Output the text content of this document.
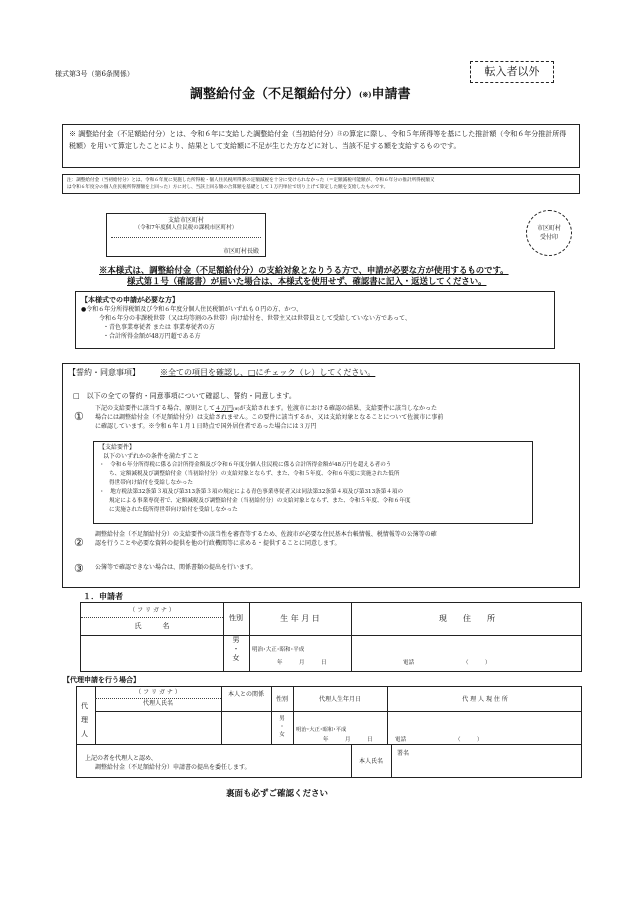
様式第3号（第6条関係）
調整給付金（不足額給付分）(※)申請書
転入者以外
※ 調整給付金（不足額給付分）とは、令和６年に支給した調整給付金（当初給付分）$^注$の算定に際し、令和５年所得等を基にした推計額（令和６年分推計所得税額）を用いて算定したことにより、結果として支給額に不足が生じた方などに対し、当該不足する額を支給するものです。
注：調整給付金（当初給付分）とは、令和６年度に実施した所得税・個人住民税所得割の定額減税を十分に受けられなかった（＝定額減税可能額が、令和６年分の推計所得税額又
は令和６年度分の個人住民税所得割額を上回った）方に対し、当該上回る額の合算額を基礎として１万円単位で切り上げて算定した額を支給したものです。
支給市区町村
（令和7年度個人住民税の課税市区町村）
市区町村長殿
市区町村
受付印
※本様式は、調整給付金（不足額給付分）の支給対象となりうる方で、申請が必要な方が使用するものです。
様式第１号（確認書）が届いた場合は、本様式を使用せず、確認書に記入・返送してください。
【本様式での申請が必要な方】
●令和６年分所得税額及び令和６年度分個人住民税額がいずれも０円の方、かつ、
令和６年分の非課税世帯（又は均等割のみ世帯）向け給付を、世帯主又は世帯員として受給していない方であって、
・青色事業専従者 または 事業専従者の方
・合計所得金額が48万円超である方
【誓約・同意事項】	※全ての項目を確認し、□にチェック（レ）してください。
□　以下の全ての誓約・同意事項について確認し、誓約・同意します。
①
下記の支給要件に該当する場合、原則として４万円(※)が支給されます。佐渡市における確認の結果、支給要件に該当しなかった
場合には調整給付金（不足額給付分）は支給されません。この要件に該当するか、又は支給対象となることについて佐渡市に事前
に確認しています。※令和６年１月１日時点で国外居住者であった場合には３万円
【支給要件】
以下のいずれかの条件を満たすこと
・　令和６年分所得税に係る合計所得金額及び令和６年度分個人住民税に係る合計所得金額が48万円を超える者のう
ち、定額減税及び調整給付金（当初給付分）の支給対象とならず、また、令和５年度、令和６年度に実施された低所
得世帯向け給付を受給しなかった
・　地方税法第32条第３項及び第313条第３項の規定による青色事業専従者又は同法第32条第４項及び第313条第４項の
規定による事業専従者で、定額減税及び調整給付金（当初給付分）の支給対象とならず、また、令和５年度、令和６年度
に実施された低所得世帯向け給付を受給しなかった
②
調整給付金（不足額給付分）の支給要件の該当性を審査等するため、佐渡市が必要な住民基本台帳情報、税情報等の公簿等の確
認を行うことや必要な資料の提供を他の行政機関等に求める・提供することに同意します。
③ 公簿等で確認できない場合は、関係書類の提出を行います。
１．申請者
（ フ リ ガ ナ ）
氏　　　名
性別	生 年 月 日	現　　住　　所
男
・
女
明治･大正･昭和･平成
年　　　月　　　日	電話	（　　　）
【代理申請を行う場合】
代理人
（ フ リ ガ ナ ）
代理人氏名
本人との関係
性別	代理人生年月日	代 理 人 現 住 所
男
・
女
明治･大正･昭和･平成
年　　　月　　　日	電話	（　　　）
上記の者を代理人と認め、
調整給付金（不足額給付分）申請書の提出を委任します。
本人氏名
署名
裏面も必ずご確認ください
